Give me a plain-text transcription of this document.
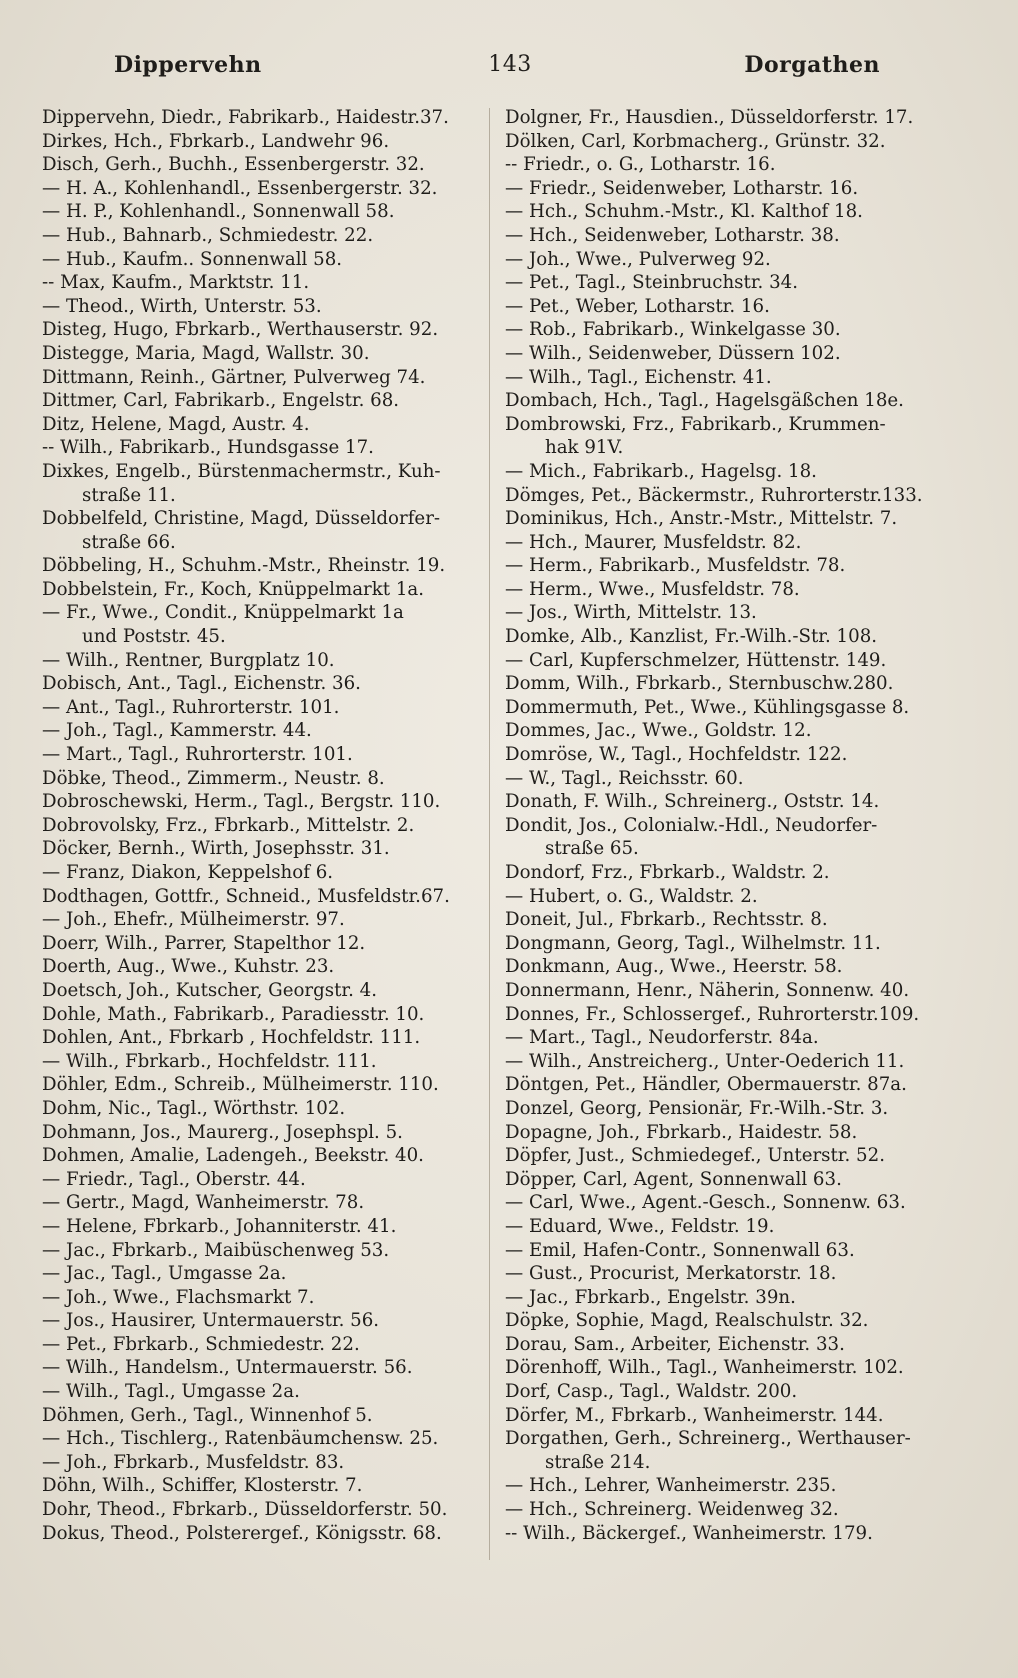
Dippervehn	143	Dorgathen
Dippervehn, Diedr., Fabrikarb., Haidestr.37.
Dirkes, Hch., Fbrkarb., Landwehr 96.
Disch, Gerh., Buchh., Essenbergerstr. 32.
— H. A., Kohlenhandl., Essenbergerstr. 32.
— H. P., Kohlenhandl., Sonnenwall 58.
— Hub., Bahnarb., Schmiedestr. 22.
— Hub., Kaufm.. Sonnenwall 58.
-- Max, Kaufm., Marktstr. 11.
— Theod., Wirth, Unterstr. 53.
Disteg, Hugo, Fbrkarb., Werthauserstr. 92.
Distegge, Maria, Magd, Wallstr. 30.
Dittmann, Reinh., Gärtner, Pulverweg 74.
Dittmer, Carl, Fabrikarb., Engelstr. 68.
Ditz, Helene, Magd, Austr. 4.
-- Wilh., Fabrikarb., Hundsgasse 17.
Dixkes, Engelb., Bürstenmachermstr., Kuh-
straße 11.
Dobbelfeld, Christine, Magd, Düsseldorfer-
straße 66.
Döbbeling, H., Schuhm.-Mstr., Rheinstr. 19.
Dobbelstein, Fr., Koch, Knüppelmarkt 1a.
— Fr., Wwe., Condit., Knüppelmarkt 1a
und Poststr. 45.
— Wilh., Rentner, Burgplatz 10.
Dobisch, Ant., Tagl., Eichenstr. 36.
— Ant., Tagl., Ruhrorterstr. 101.
— Joh., Tagl., Kammerstr. 44.
— Mart., Tagl., Ruhrorterstr. 101.
Döbke, Theod., Zimmerm., Neustr. 8.
Dobroschewski, Herm., Tagl., Bergstr. 110.
Dobrovolsky, Frz., Fbrkarb., Mittelstr. 2.
Döcker, Bernh., Wirth, Josephsstr. 31.
— Franz, Diakon, Keppelshof 6.
Dodthagen, Gottfr., Schneid., Musfeldstr.67.
— Joh., Ehefr., Mülheimerstr. 97.
Doerr, Wilh., Parrer, Stapelthor 12.
Doerth, Aug., Wwe., Kuhstr. 23.
Doetsch, Joh., Kutscher, Georgstr. 4.
Dohle, Math., Fabrikarb., Paradiesstr. 10.
Dohlen, Ant., Fbrkarb , Hochfeldstr. 111.
— Wilh., Fbrkarb., Hochfeldstr. 111.
Döhler, Edm., Schreib., Mülheimerstr. 110.
Dohm, Nic., Tagl., Wörthstr. 102.
Dohmann, Jos., Maurerg., Josephspl. 5.
Dohmen, Amalie, Ladengeh., Beekstr. 40.
— Friedr., Tagl., Oberstr. 44.
— Gertr., Magd, Wanheimerstr. 78.
— Helene, Fbrkarb., Johanniterstr. 41.
— Jac., Fbrkarb., Maibüschenweg 53.
— Jac., Tagl., Umgasse 2a.
— Joh., Wwe., Flachsmarkt 7.
— Jos., Hausirer, Untermauerstr. 56.
— Pet., Fbrkarb., Schmiedestr. 22.
— Wilh., Handelsm., Untermauerstr. 56.
— Wilh., Tagl., Umgasse 2a.
Döhmen, Gerh., Tagl., Winnenhof 5.
— Hch., Tischlerg., Ratenbäumchensw. 25.
— Joh., Fbrkarb., Musfeldstr. 83.
Döhn, Wilh., Schiffer, Klosterstr. 7.
Dohr, Theod., Fbrkarb., Düsseldorferstr. 50.
Dokus, Theod., Polsterergef., Königsstr. 68.
Dolgner, Fr., Hausdien., Düsseldorferstr. 17.
Dölken, Carl, Korbmacherg., Grünstr. 32.
-- Friedr., o. G., Lotharstr. 16.
— Friedr., Seidenweber, Lotharstr. 16.
— Hch., Schuhm.-Mstr., Kl. Kalthof 18.
— Hch., Seidenweber, Lotharstr. 38.
— Joh., Wwe., Pulverweg 92.
— Pet., Tagl., Steinbruchstr. 34.
— Pet., Weber, Lotharstr. 16.
— Rob., Fabrikarb., Winkelgasse 30.
— Wilh., Seidenweber, Düssern 102.
— Wilh., Tagl., Eichenstr. 41.
Dombach, Hch., Tagl., Hagelsgäßchen 18e.
Dombrowski, Frz., Fabrikarb., Krummen-
hak 91V.
— Mich., Fabrikarb., Hagelsg. 18.
Dömges, Pet., Bäckermstr., Ruhrorterstr.133.
Dominikus, Hch., Anstr.-Mstr., Mittelstr. 7.
— Hch., Maurer, Musfeldstr. 82.
— Herm., Fabrikarb., Musfeldstr. 78.
— Herm., Wwe., Musfeldstr. 78.
— Jos., Wirth, Mittelstr. 13.
Domke, Alb., Kanzlist, Fr.-Wilh.-Str. 108.
— Carl, Kupferschmelzer, Hüttenstr. 149.
Domm, Wilh., Fbrkarb., Sternbuschw.280.
Dommermuth, Pet., Wwe., Kühlingsgasse 8.
Dommes, Jac., Wwe., Goldstr. 12.
Domröse, W., Tagl., Hochfeldstr. 122.
— W., Tagl., Reichsstr. 60.
Donath, F. Wilh., Schreinerg., Oststr. 14.
Dondit, Jos., Colonialw.-Hdl., Neudorfer-
straße 65.
Dondorf, Frz., Fbrkarb., Waldstr. 2.
— Hubert, o. G., Waldstr. 2.
Doneit, Jul., Fbrkarb., Rechtsstr. 8.
Dongmann, Georg, Tagl., Wilhelmstr. 11.
Donkmann, Aug., Wwe., Heerstr. 58.
Donnermann, Henr., Näherin, Sonnenw. 40.
Donnes, Fr., Schlossergef., Ruhrorterstr.109.
— Mart., Tagl., Neudorferstr. 84a.
— Wilh., Anstreicherg., Unter-Oederich 11.
Döntgen, Pet., Händler, Obermauerstr. 87a.
Donzel, Georg, Pensionär, Fr.-Wilh.-Str. 3.
Dopagne, Joh., Fbrkarb., Haidestr. 58.
Döpfer, Just., Schmiedegef., Unterstr. 52.
Döpper, Carl, Agent, Sonnenwall 63.
— Carl, Wwe., Agent.-Gesch., Sonnenw. 63.
— Eduard, Wwe., Feldstr. 19.
— Emil, Hafen-Contr., Sonnenwall 63.
— Gust., Procurist, Merkatorstr. 18.
— Jac., Fbrkarb., Engelstr. 39n.
Döpke, Sophie, Magd, Realschulstr. 32.
Dorau, Sam., Arbeiter, Eichenstr. 33.
Dörenhoff, Wilh., Tagl., Wanheimerstr. 102.
Dorf, Casp., Tagl., Waldstr. 200.
Dörfer, M., Fbrkarb., Wanheimerstr. 144.
Dorgathen, Gerh., Schreinerg., Werthauser-
straße 214.
— Hch., Lehrer, Wanheimerstr. 235.
— Hch., Schreinerg. Weidenweg 32.
-- Wilh., Bäckergef., Wanheimerstr. 179.
